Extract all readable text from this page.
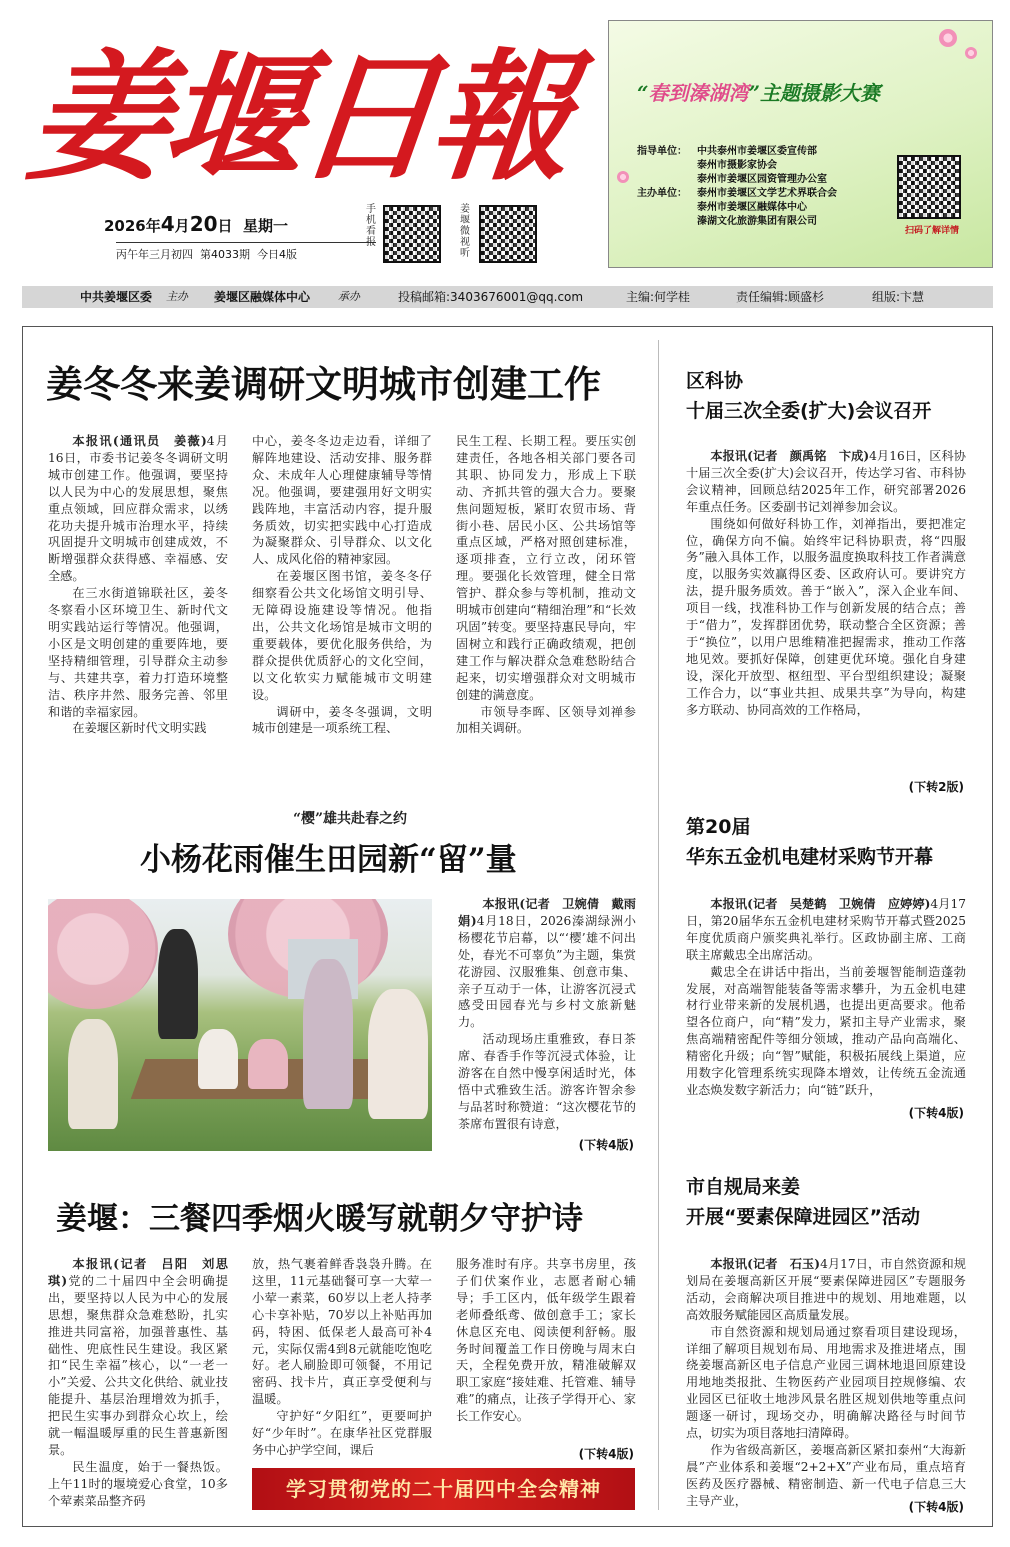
姜堰日報
2026年4月20日 星期一
丙午年三月初四 第4033期 今日4版
手机看报
姜堰微视听
“春到溱湖湾”主题摄影大赛
指导单位： 中共泰州市姜堰区委宣传部
泰州市摄影家协会
泰州市姜堰区园资管理办公室
主办单位： 泰州市姜堰区文学艺术界联合会
泰州市姜堰区融媒体中心
溱湖文化旅游集团有限公司
扫码了解详情
中共姜堰区委 主办 姜堰区融媒体中心	承办	投稿邮箱:3403676001@qq.com	主编:何学桂	责任编辑:顾盛杉	组版:卞慧
姜冬冬来姜调研文明城市创建工作

本报讯(通讯员　姜薇)4月16日，市委书记姜冬冬调研文明城市创建工作。他强调，要坚持以人民为中心的发展思想，聚焦重点领域，回应群众需求，以绣花功夫提升城市治理水平，持续巩固提升文明城市创建成效，不断增强群众获得感、幸福感、安全感。

在三水街道锦联社区，姜冬冬察看小区环境卫生、新时代文明实践站运行等情况。他强调，小区是文明创建的重要阵地，要坚持精细管理，引导群众主动参与、共建共享，着力打造环境整洁、秩序井然、服务完善、邻里和谐的幸福家园。

在姜堰区新时代文明实践

中心，姜冬冬边走边看，详细了解阵地建设、活动安排、服务群众、未成年人心理健康辅导等情况。他强调，要建强用好文明实践阵地，丰富活动内容，提升服务质效，切实把实践中心打造成为凝聚群众、引导群众、以文化人、成风化俗的精神家园。

在姜堰区图书馆，姜冬冬仔细察看公共文化场馆文明引导、无障碍设施建设等情况。他指出，公共文化场馆是城市文明的重要载体，要优化服务供给，为群众提供优质舒心的文化空间，以文化软实力赋能城市文明建设。

调研中，姜冬冬强调，文明城市创建是一项系统工程、

民生工程、长期工程。要压实创建责任，各地各相关部门要各司其职、协同发力，形成上下联动、齐抓共管的强大合力。要聚焦问题短板，紧盯农贸市场、背街小巷、居民小区、公共场馆等重点区域，严格对照创建标准，逐项排查，立行立改，闭环管理。要强化长效管理，健全日常管护、群众参与等机制，推动文明城市创建向“精细治理”和“长效巩固”转变。要坚持惠民导向，牢固树立和践行正确政绩观，把创建工作与解决群众急难愁盼结合起来，切实增强群众对文明城市创建的满意度。

市领导李晖、区领导刘禅参加相关调研。

“樱”雄共赴春之约
小杨花雨催生田园新“留”量

本报讯(记者　卫婉倩　戴雨娟)4月18日，2026溱湖绿洲小杨樱花节启幕，以“‘樱’雄不问出处，春光不可辜负”为主题，集赏花游园、汉服雅集、创意市集、亲子互动于一体，让游客沉浸式感受田园春光与乡村文旅新魅力。

活动现场庄重雅致，春日茶席、春香手作等沉浸式体验，让游客在自然中慢享闲适时光，体悟中式雅致生活。游客许智余参与品茗时称赞道：“这次樱花节的茶席布置很有诗意，

(下转4版)
姜堰：三餐四季烟火暖写就朝夕守护诗

本报讯(记者　吕阳　刘思琪)党的二十届四中全会明确提出，要坚持以人民为中心的发展思想，聚焦群众急难愁盼，扎实推进共同富裕，加强普惠性、基础性、兜底性民生建设。我区紧扣“民生幸福”核心，以“一老一小”关爱、公共文化供给、就业技能提升、基层治理增效为抓手，把民生实事办到群众心坎上，绘就一幅温暖厚重的民生普惠新图景。

民生温度，始于一餐热饭。上午11时的堰境爱心食堂，10多个荤素菜品整齐码

放，热气裹着鲜香袅袅升腾。在这里，11元基础餐可享一大荤一小荤一素菜，60岁以上老人持孝心卡享补贴，70岁以上补贴再加码，特困、低保老人最高可补4元，实际仅需4到8元就能吃饱吃好。老人刷脸即可领餐，不用记密码、找卡片，真正享受便利与温暖。

守护好“夕阳红”，更要呵护好“少年时”。在康华社区党群服务中心护学空间，课后

服务准时有序。共享书房里，孩子们伏案作业，志愿者耐心辅导；手工区内，低年级学生跟着老师叠纸鸢、做创意手工；家长休息区充电、阅读便利舒畅。服务时间覆盖工作日傍晚与周末白天，全程免费开放，精准破解双职工家庭“接娃难、托管难、辅导难”的痛点，让孩子学得开心、家长工作安心。

(下转4版)
学习贯彻党的二十届四中全会精神
区科协
十届三次全委(扩大)会议召开

本报讯(记者　颜禹铭　卞成)4月16日，区科协十届三次全委(扩大)会议召开，传达学习省、市科协会议精神，回顾总结2025年工作，研究部署2026年重点任务。区委副书记刘禅参加会议。

围绕如何做好科协工作，刘禅指出，要把准定位，确保方向不偏。始终牢记科协职责，将“四服务”融入具体工作，以服务温度换取科技工作者满意度，以服务实效赢得区委、区政府认可。要讲究方法，提升服务质效。善于“嵌入”，深入企业车间、项目一线，找准科协工作与创新发展的结合点；善于“借力”，发挥群团优势，联动整合全区资源；善于“换位”，以用户思维精准把握需求，推动工作落地见效。要抓好保障，创建更优环境。强化自身建设，深化开放型、枢纽型、平台型组织建设；凝聚工作合力，以“事业共担、成果共享”为导向，构建多方联动、协同高效的工作格局，

(下转2版)
第20届
华东五金机电建材采购节开幕

本报讯(记者　吴楚鹤　卫婉倩　应婷婷)4月17日，第20届华东五金机电建材采购节开幕式暨2025年度优质商户颁奖典礼举行。区政协副主席、工商联主席戴忠全出席活动。

戴忠全在讲话中指出，当前姜堰智能制造蓬勃发展，对高端智能装备等需求攀升，为五金机电建材行业带来新的发展机遇，也提出更高要求。他希望各位商户，向“精”发力，紧扣主导产业需求，聚焦高端精密配件等细分领域，推动产品向高端化、精密化升级；向“智”赋能，积极拓展线上渠道，应用数字化管理系统实现降本增效，让传统五金流通业态焕发数字新活力；向“链”跃升，

(下转4版)
市自规局来姜
开展“要素保障进园区”活动

本报讯(记者　石玉)4月17日，市自然资源和规划局在姜堰高新区开展“要素保障进园区”专题服务活动，会商解决项目推进中的规划、用地难题，以高效服务赋能园区高质量发展。

市自然资源和规划局通过察看项目建设现场，详细了解项目规划布局、用地需求及推进堵点，围绕姜堰高新区电子信息产业园三调林地退回原建设用地地类报批、生物医药产业园项目控规修编、农业园区已征收土地涉风景名胜区规划供地等重点问题逐一研讨，现场交办，明确解决路径与时间节点，切实为项目落地扫清障碍。

作为省级高新区，姜堰高新区紧扣泰州“大海新晨”产业体系和姜堰“2+2+X”产业布局，重点培育医药及医疗器械、精密制造、新一代电子信息三大主导产业，	(下转4版)
